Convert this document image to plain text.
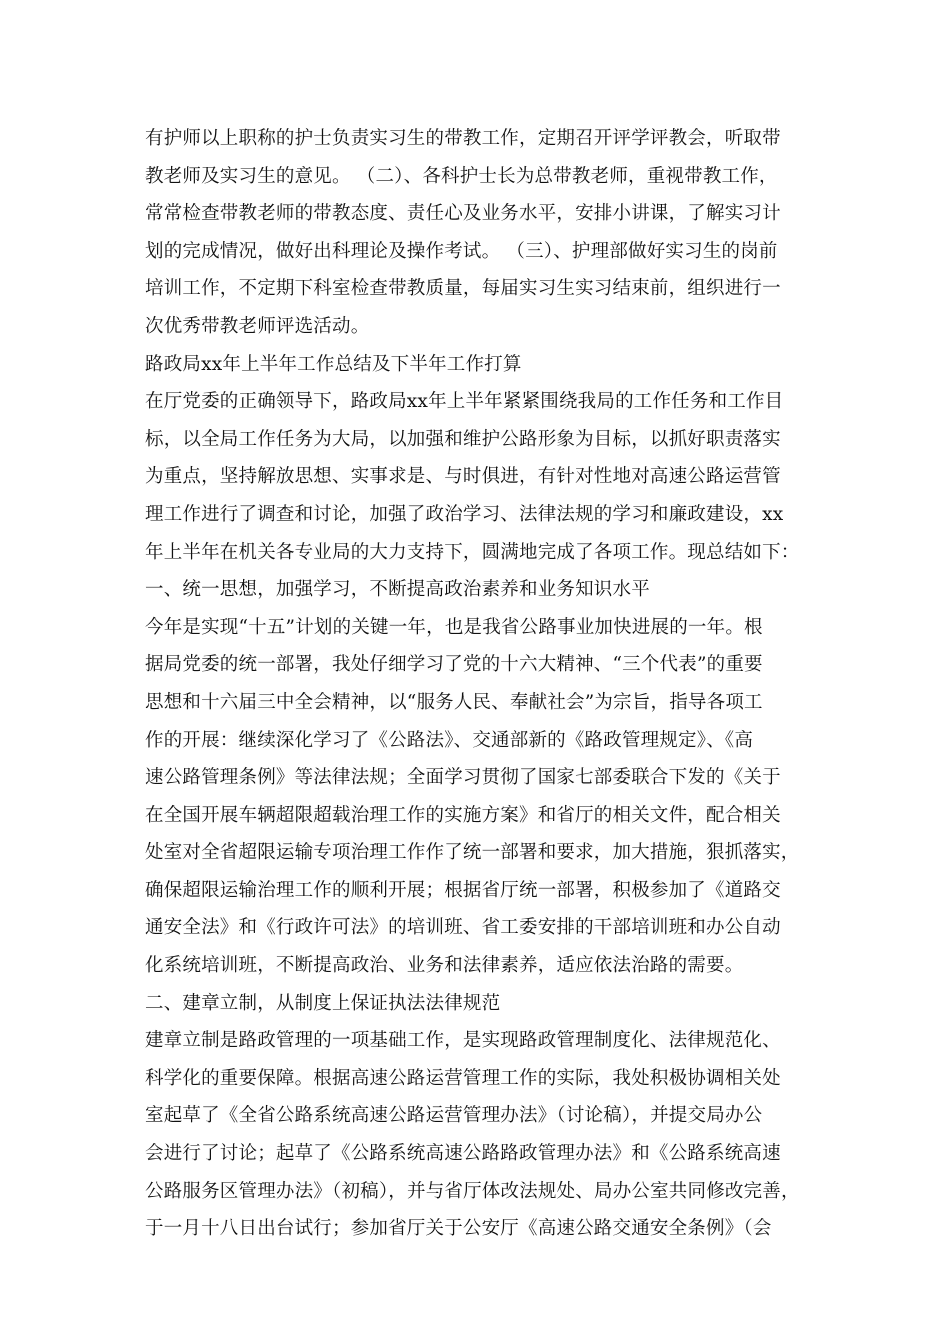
有护师以上职称的护士负责实习生的带教工作，定期召开评学评教会，听取带
教老师及实习生的意见。 （二）、各科护士长为总带教老师，重视带教工作，
常常检查带教老师的带教态度、责任心及业务水平，安排小讲课，了解实习计
划的完成情况，做好出科理论及操作考试。 （三）、护理部做好实习生的岗前
培训工作，不定期下科室检查带教质量，每届实习生实习结束前，组织进行一
次优秀带教老师评选活动。
路政局xx年上半年工作总结及下半年工作打算
在厅党委的正确领导下，路政局xx年上半年紧紧围绕我局的工作任务和工作目
标，以全局工作任务为大局，以加强和维护公路形象为目标，以抓好职责落实
为重点，坚持解放思想、实事求是、与时俱进，有针对性地对高速公路运营管
理工作进行了调查和讨论，加强了政治学习、法律法规的学习和廉政建设，xx
年上半年在机关各专业局的大力支持下，圆满地完成了各项工作。现总结如下：
一、统一思想，加强学习，不断提高政治素养和业务知识水平
今年是实现“十五”计划的关键一年，也是我省公路事业加快进展的一年。根
据局党委的统一部署，我处仔细学习了党的十六大精神、“三个代表”的重要
思想和十六届三中全会精神，以“服务人民、奉献社会”为宗旨，指导各项工
作的开展：继续深化学习了《公路法》、交通部新的《路政管理规定》、《高
速公路管理条例》等法律法规；全面学习贯彻了国家七部委联合下发的《关于
在全国开展车辆超限超载治理工作的实施方案》和省厅的相关文件，配合相关
处室对全省超限运输专项治理工作作了统一部署和要求，加大措施，狠抓落实，
确保超限运输治理工作的顺利开展；根据省厅统一部署，积极参加了《道路交
通安全法》和《行政许可法》的培训班、省工委安排的干部培训班和办公自动
化系统培训班，不断提高政治、业务和法律素养，适应依法治路的需要。
二、建章立制，从制度上保证执法法律规范
建章立制是路政管理的一项基础工作，是实现路政管理制度化、法律规范化、
科学化的重要保障。根据高速公路运营管理工作的实际，我处积极协调相关处
室起草了《全省公路系统高速公路运营管理办法》（讨论稿），并提交局办公
会进行了讨论；起草了《公路系统高速公路路政管理办法》和《公路系统高速
公路服务区管理办法》（初稿），并与省厅体改法规处、局办公室共同修改完善，
于一月十八日出台试行；参加省厅关于公安厅《高速公路交通安全条例》（会
